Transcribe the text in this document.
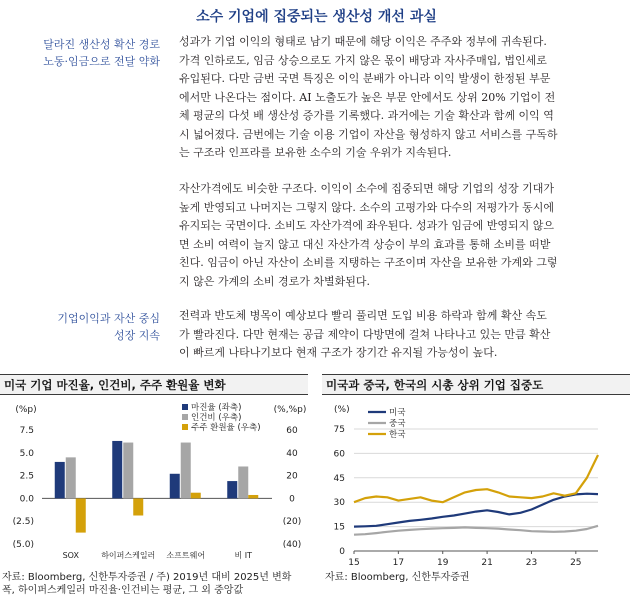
소수 기업에 집중되는 생산성 개선 과실
달라진 생산성 확산 경로
노동·임금으로 전달 약화
성과가 기업 이익의 형태로 남기 때문에 해당 이익은 주주와 정부에 귀속된다.
가격 인하로도, 임금 상승으로도 가지 않은 몫이 배당과 자사주매입, 법인세로
유입된다. 다만 금번 국면 특징은 이익 분배가 아니라 이익 발생이 한정된 부문
에서만 나온다는 점이다. AI 노출도가 높은 부문 안에서도 상위 20% 기업이 전
체 평균의 다섯 배 생산성 증가를 기록했다. 과거에는 기술 확산과 함께 이익 역
시 넓어졌다. 금번에는 기술 이용 기업이 자산을 형성하지 않고 서비스를 구독하
는 구조라 인프라를 보유한 소수의 기술 우위가 지속된다.
자산가격에도 비슷한 구조다. 이익이 소수에 집중되면 해당 기업의 성장 기대가
높게 반영되고 나머지는 그렇지 않다. 소수의 고평가와 다수의 저평가가 동시에
유지되는 국면이다. 소비도 자산가격에 좌우된다. 성과가 임금에 반영되지 않으
면 소비 여력이 늘지 않고 대신 자산가격 상승이 부의 효과를 통해 소비를 떠받
친다. 임금이 아닌 자산이 소비를 지탱하는 구조이며 자산을 보유한 가계와 그렇
지 않은 가계의 소비 경로가 차별화된다.
기업이익과 자산 중심
성장 지속
전력과 반도체 병목이 예상보다 빨리 풀리면 도입 비용 하락과 함께 확산 속도
가 빨라진다. 다만 현재는 공급 제약이 다방면에 걸쳐 나타나고 있는 만큼 확산
이 빠르게 나타나기보다 현재 구조가 장기간 유지될 가능성이 높다.
미국 기업 마진율, 인건비, 주주 환원율 변화
(%p)	(%,%p)
7.5	60
5.0	40
2.5	20
0.0	0
(2.5)	(20)
(5.0)	(40)
SOX	하이퍼스케일러 소프트웨어	비 IT
마진율 (좌축)
인건비 (우축)
주주 환원율 (우축)
자료: Bloomberg, 신한투자증권 / 주) 2019년 대비 2025년 변화
폭, 하이퍼스케일러 마진율·인건비는 평균, 그 외 중앙값
미국과 중국, 한국의 시총 상위 기업 집중도
(%)
75
60
45
30
15
0
15	17	19	21	23	25
미국
중국
한국
자료: Bloomberg, 신한투자증권
